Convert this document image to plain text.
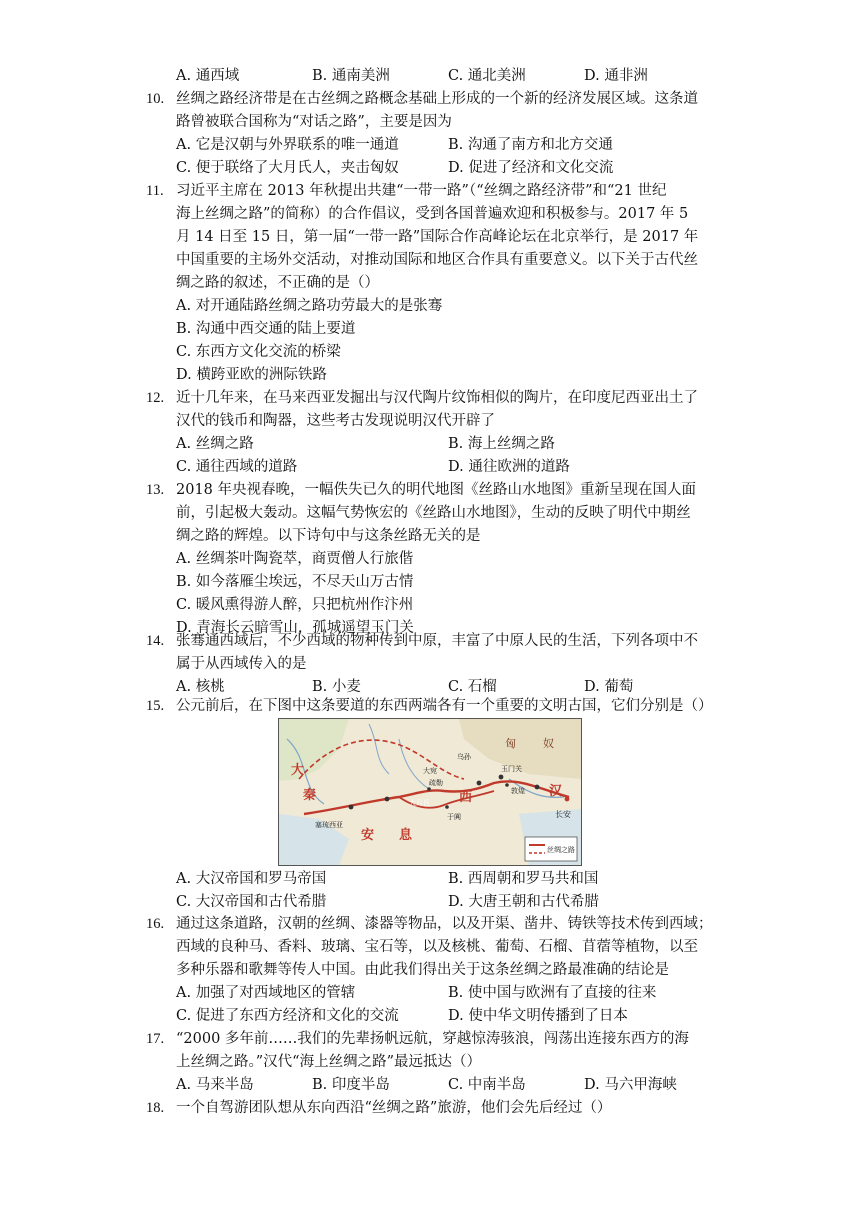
A. 通西域	B. 通南美洲	C. 通北美洲	D. 通非洲
10. 丝绸之路经济带是在古丝绸之路概念基础上形成的一个新的经济发展区域。这条道
路曾被联合国称为“对话之路”，主要是因为
A. 它是汉朝与外界联系的唯一通道	B. 沟通了南方和北方交通
C. 便于联络了大月氏人，夹击匈奴	D. 促进了经济和文化交流
11. 习近平主席在 2013 年秋提出共建“一带一路”（“丝绸之路经济带”和“21 世纪
海上丝绸之路”的简称）的合作倡议，受到各国普遍欢迎和积极参与。2017 年 5
月 14 日至 15 日，第一届“一带一路”国际合作高峰论坛在北京举行，是 2017 年
中国重要的主场外交活动，对推动国际和地区合作具有重要意义。以下关于古代丝
绸之路的叙述，不正确的是（）
A. 对开通陆路丝绸之路功劳最大的是张骞
B. 沟通中西交通的陆上要道
C. 东西方文化交流的桥梁
D. 横跨亚欧的洲际铁路
12. 近十几年来，在马来西亚发掘出与汉代陶片纹饰相似的陶片，在印度尼西亚出土了
汉代的钱币和陶器，这些考古发现说明汉代开辟了
A. 丝绸之路	B. 海上丝绸之路
C. 通往西域的道路	D. 通往欧洲的道路
13. 2018 年央视春晚，一幅佚失已久的明代地图《丝路山水地图》重新呈现在国人面
前，引起极大轰动。这幅气势恢宏的《丝路山水地图》，生动的反映了明代中期丝
绸之路的辉煌。以下诗句中与这条丝路无关的是
A. 丝绸茶叶陶瓷萃，商贾僧人行旅偕
B. 如今落雁尘埃远，不尽天山万古情
C. 暖风熏得游人醉，只把杭州作汴州
D. 青海长云暗雪山，孤城遥望玉门关
14. 张骞通西域后，不少西域的物种传到中原，丰富了中原人民的生活，下列各项中不
属于从西域传入的是
A. 核桃	B. 小麦	C. 石榴	D. 葡萄
15. 公元前后，在下图中这条要道的东西两端各有一个重要的文明古国，它们分别是（）
大
秦
安 息
大月氏 西	汉
长安
匈 奴
敦煌
玉门关
于阗
疏勒
大宛
乌孙
塞琉西亚
丝绸之路
A. 大汉帝国和罗马帝国	B. 西周朝和罗马共和国
C. 大汉帝国和古代希腊	D. 大唐王朝和古代希腊
16. 通过这条道路，汉朝的丝绸、漆器等物品，以及开渠、凿井、铸铁等技术传到西域；
西域的良种马、香料、玻璃、宝石等，以及核桃、葡萄、石榴、苜蓿等植物，以至
多种乐器和歌舞等传人中国。由此我们得出关于这条丝绸之路最准确的结论是
A. 加强了对西域地区的管辖	B. 使中国与欧洲有了直接的往来
C. 促进了东西方经济和文化的交流	D. 使中华文明传播到了日本
17. “2000 多年前……我们的先辈扬帆远航，穿越惊涛骇浪，闯荡出连接东西方的海
上丝绸之路。”汉代“海上丝绸之路”最远抵达（）
A. 马来半岛	B. 印度半岛	C. 中南半岛	D. 马六甲海峡
18. 一个自驾游团队想从东向西沿“丝绸之路”旅游，他们会先后经过（）
